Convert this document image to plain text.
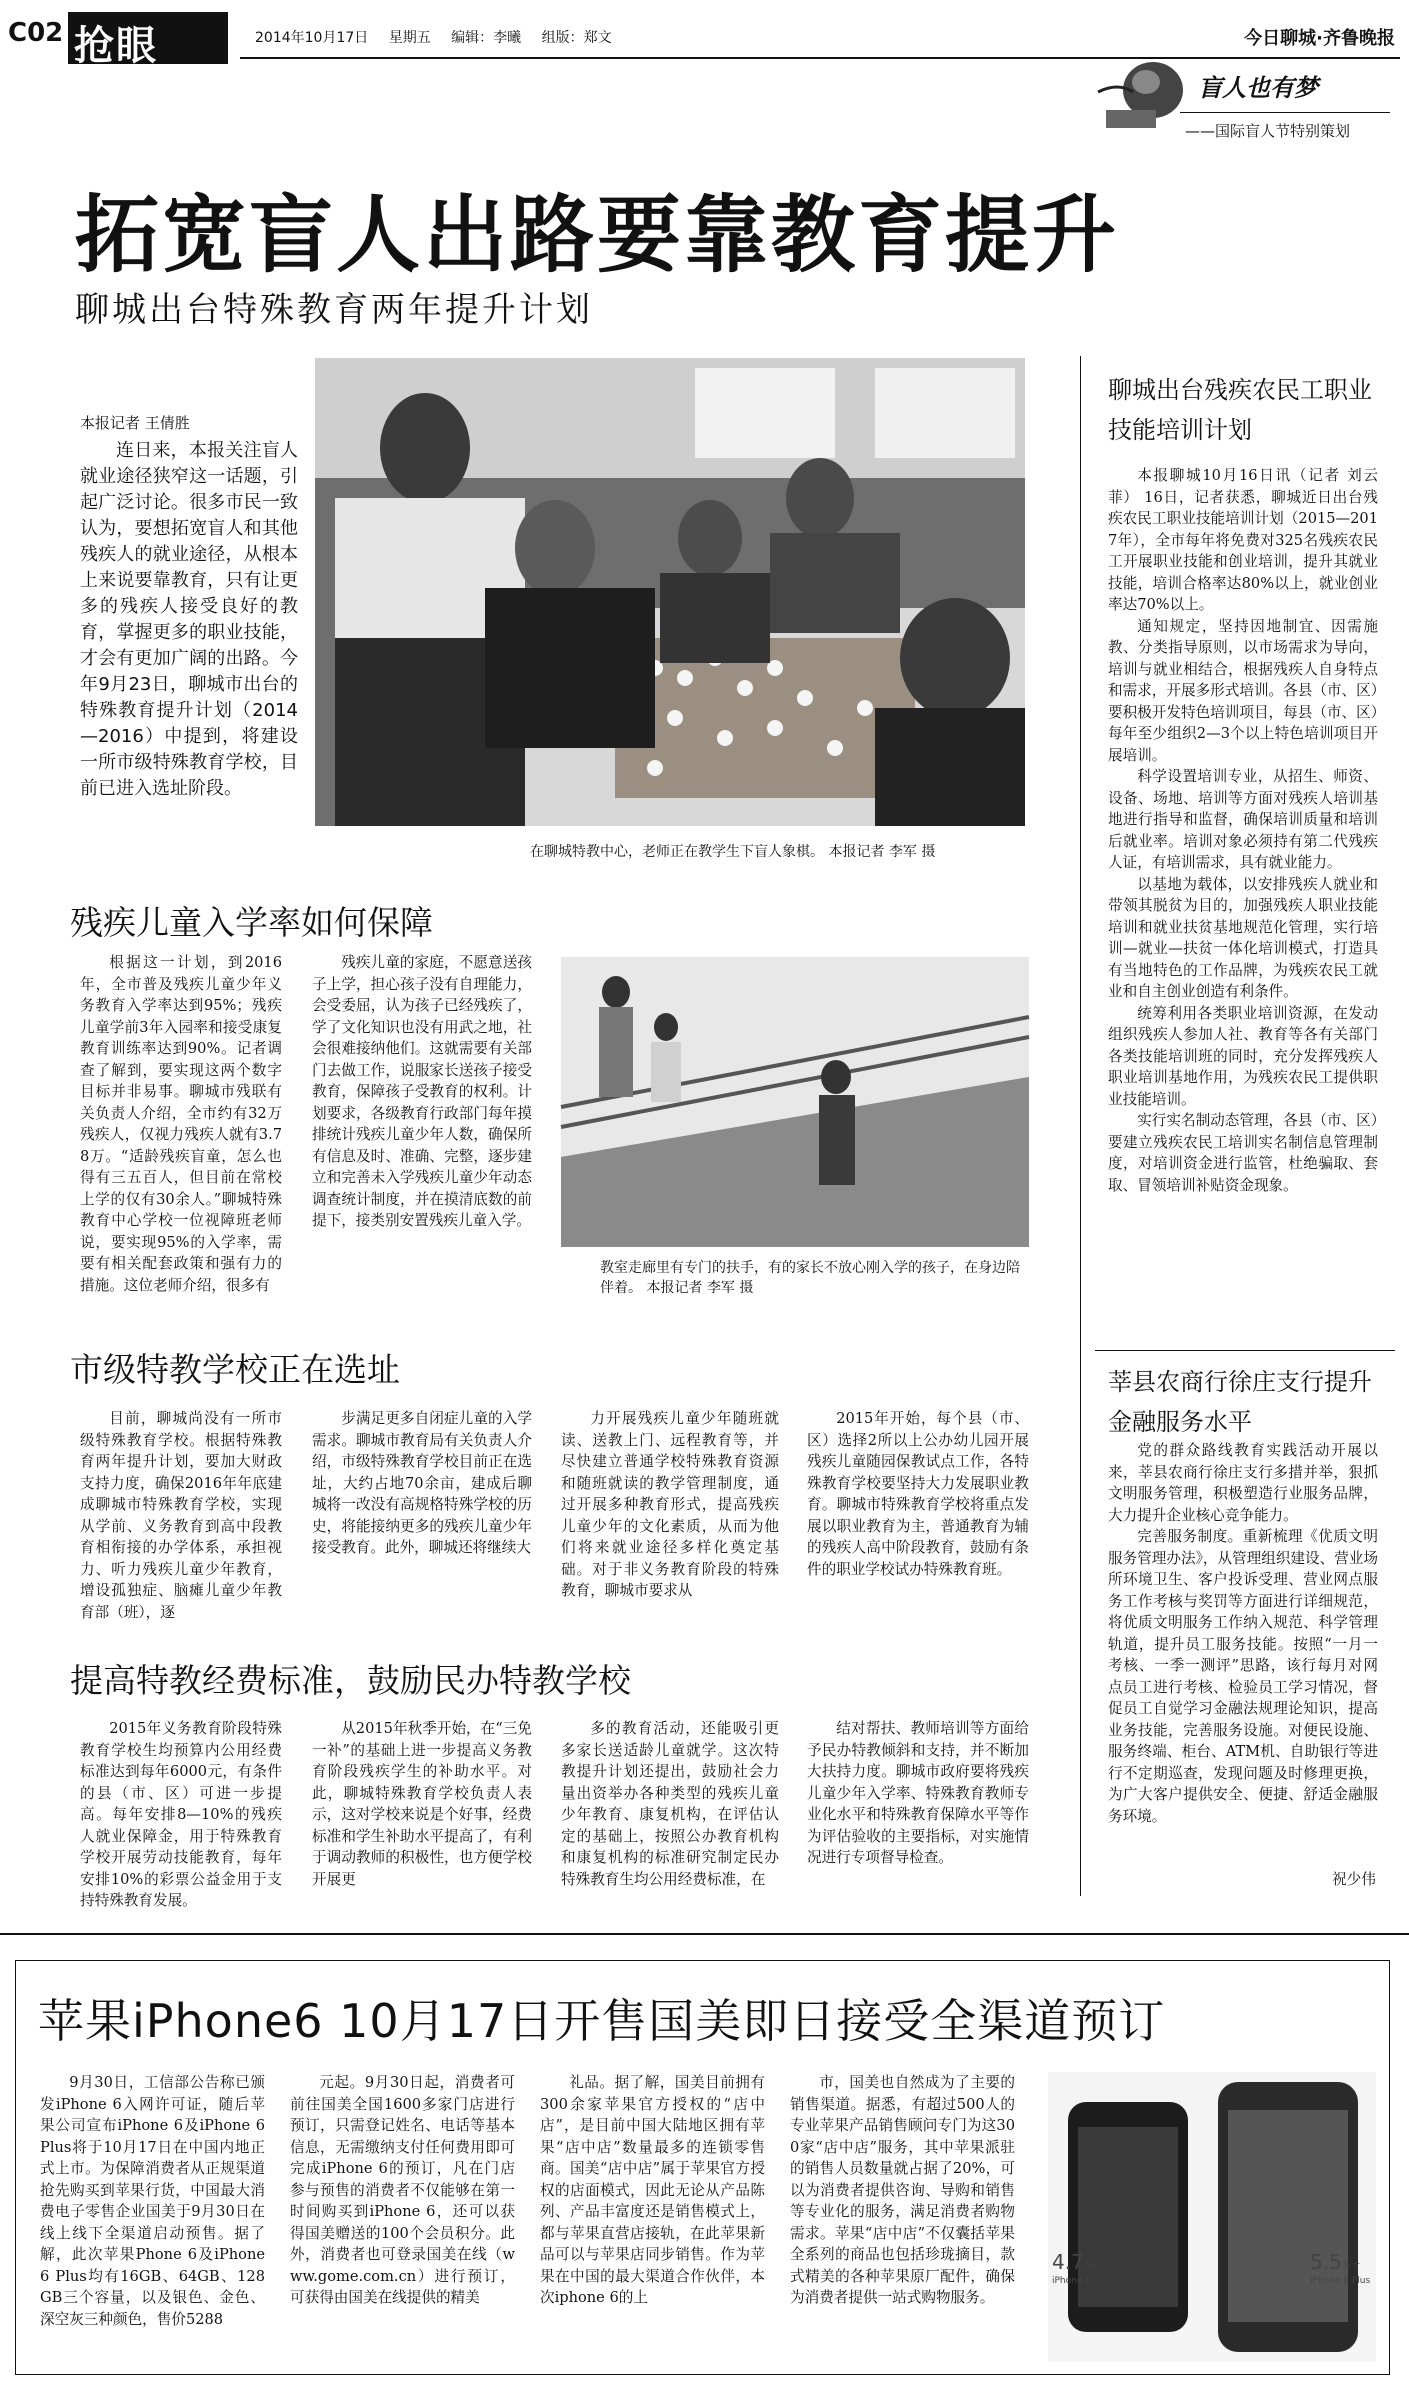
C02 抢眼	2014年10月17日 星期五 编辑：李曦 组版：郑文	今日聊城·齐鲁晚报
盲人也有梦
——国际盲人节特别策划
拓宽盲人出路要靠教育提升
聊城出台特殊教育两年提升计划
在聊城特教中心，老师正在教学生下盲人象棋。 本报记者 李军 摄
本报记者 王倩胜

连日来，本报关注盲人就业途径狭窄这一话题，引起广泛讨论。很多市民一致认为，要想拓宽盲人和其他残疾人的就业途径，从根本上来说要靠教育，只有让更多的残疾人接受良好的教育，掌握更多的职业技能，才会有更加广阔的出路。今年9月23日，聊城市出台的特殊教育提升计划（2014—2016）中提到，将建设一所市级特殊教育学校，目前已进入选址阶段。

残疾儿童入学率如何保障

根据这一计划，到2016年，全市普及残疾儿童少年义务教育入学率达到95%；残疾儿童学前3年入园率和接受康复教育训练率达到90%。记者调查了解到，要实现这两个数字目标并非易事。聊城市残联有关负责人介绍，全市约有32万残疾人，仅视力残疾人就有3.78万。“适龄残疾盲童，怎么也得有三五百人，但目前在常校上学的仅有30余人。”聊城特殊教育中心学校一位视障班老师说，要实现95%的入学率，需要有相关配套政策和强有力的措施。这位老师介绍，很多有

残疾儿童的家庭，不愿意送孩子上学，担心孩子没有自理能力，会受委屈，认为孩子已经残疾了，学了文化知识也没有用武之地，社会很难接纳他们。这就需要有关部门去做工作，说服家长送孩子接受教育，保障孩子受教育的权利。计划要求，各级教育行政部门每年摸排统计残疾儿童少年人数，确保所有信息及时、准确、完整，逐步建立和完善未入学残疾儿童少年动态调查统计制度，并在摸清底数的前提下，接类别安置残疾儿童入学。

教室走廊里有专门的扶手，有的家长不放心刚入学的孩子，在身边陪伴着。 本报记者 李军 摄
市级特教学校正在选址

目前，聊城尚没有一所市级特殊教育学校。根据特殊教育两年提升计划，要加大财政支持力度，确保2016年年底建成聊城市特殊教育学校，实现从学前、义务教育到高中段教育相衔接的办学体系，承担视力、听力残疾儿童少年教育，增设孤独症、脑瘫儿童少年教育部（班），逐

步满足更多自闭症儿童的入学需求。聊城市教育局有关负责人介绍，市级特殊教育学校目前正在选址，大约占地70余亩，建成后聊城将一改没有高规格特殊学校的历史，将能接纳更多的残疾儿童少年接受教育。此外，聊城还将继续大

力开展残疾儿童少年随班就读、送教上门、远程教育等，并尽快建立普通学校特殊教育资源和随班就读的教学管理制度，通过开展多种教育形式，提高残疾儿童少年的文化素质，从而为他们将来就业途径多样化奠定基础。对于非义务教育阶段的特殊教育，聊城市要求从

2015年开始，每个县（市、区）选择2所以上公办幼儿园开展残疾儿童随园保教试点工作，各特殊教育学校要坚持大力发展职业教育。聊城市特殊教育学校将重点发展以职业教育为主，普通教育为辅的残疾人高中阶段教育，鼓励有条件的职业学校试办特殊教育班。

提高特教经费标准，鼓励民办特教学校

2015年义务教育阶段特殊教育学校生均预算内公用经费标准达到每年6000元，有条件的县（市、区）可进一步提高。每年安排8—10%的残疾人就业保障金，用于特殊教育学校开展劳动技能教育，每年安排10%的彩票公益金用于支持特殊教育发展。

从2015年秋季开始，在“三免一补”的基础上进一步提高义务教育阶段残疾学生的补助水平。对此，聊城特殊教育学校负责人表示，这对学校来说是个好事，经费标准和学生补助水平提高了，有利于调动教师的积极性，也方便学校开展更

多的教育活动，还能吸引更多家长送适龄儿童就学。这次特教提升计划还提出，鼓励社会力量出资举办各种类型的残疾儿童少年教育、康复机构，在评估认定的基础上，按照公办教育机构和康复机构的标准研究制定民办特殊教育生均公用经费标准，在

结对帮扶、教师培训等方面给予民办特教倾斜和支持，并不断加大扶持力度。聊城市政府要将残疾儿童少年入学率、特殊教育教师专业化水平和特殊教育保障水平等作为评估验收的主要指标，对实施情况进行专项督导检查。

聊城出台残疾农民工职业技能培训计划

本报聊城10月16日讯（记者 刘云菲） 16日，记者获悉，聊城近日出台残疾农民工职业技能培训计划（2015—2017年），全市每年将免费对325名残疾农民工开展职业技能和创业培训，提升其就业技能，培训合格率达80%以上，就业创业率达70%以上。

通知规定，坚持因地制宜、因需施教、分类指导原则，以市场需求为导向，培训与就业相结合，根据残疾人自身特点和需求，开展多形式培训。各县（市、区）要积极开发特色培训项目，每县（市、区）每年至少组织2—3个以上特色培训项目开展培训。

科学设置培训专业，从招生、师资、设备、场地、培训等方面对残疾人培训基地进行指导和监督，确保培训质量和培训后就业率。培训对象必须持有第二代残疾人证，有培训需求，具有就业能力。

以基地为载体，以安排残疾人就业和带领其脱贫为目的，加强残疾人职业技能培训和就业扶贫基地规范化管理，实行培训—就业—扶贫一体化培训模式，打造具有当地特色的工作品牌，为残疾农民工就业和自主创业创造有利条件。

统筹利用各类职业培训资源，在发动组织残疾人参加人社、教育等各有关部门各类技能培训班的同时，充分发挥残疾人职业培训基地作用，为残疾农民工提供职业技能培训。

实行实名制动态管理，各县（市、区）要建立残疾农民工培训实名制信息管理制度，对培训资金进行监管，杜绝骗取、套取、冒领培训补贴资金现象。

莘县农商行徐庄支行提升金融服务水平

党的群众路线教育实践活动开展以来，莘县农商行徐庄支行多措并举，狠抓文明服务管理，积极塑造行业服务品牌，大力提升企业核心竞争能力。

完善服务制度。重新梳理《优质文明服务管理办法》，从管理组织建设、营业场所环境卫生、客户投诉受理、营业网点服务工作考核与奖罚等方面进行详细规范，将优质文明服务工作纳入规范、科学管理轨道，提升员工服务技能。按照“一月一考核、一季一测评”思路，该行每月对网点员工进行考核、检验员工学习情况，督促员工自觉学习金融法规理论知识，提高业务技能，完善服务设施。对便民设施、服务终端、柜台、ATM机、自助银行等进行不定期巡查，发现问题及时修理更换，为广大客户提供安全、便捷、舒适金融服务环境。

祝少伟
苹果iPhone6 10月17日开售国美即日接受全渠道预订

9月30日，工信部公告称已颁发iPhone 6入网许可证，随后苹果公司宣布iPhone 6及iPhone 6 Plus将于10月17日在中国内地正式上市。为保障消费者从正规渠道抢先购买到苹果行货，中国最大消费电子零售企业国美于9月30日在线上线下全渠道启动预售。据了解，此次苹果Phone 6及iPhone 6 Plus均有16GB、64GB、128GB三个容量，以及银色、金色、深空灰三种颜色，售价5288

元起。9月30日起，消费者可前往国美全国1600多家门店进行预订，只需登记姓名、电话等基本信息，无需缴纳支付任何费用即可完成iPhone 6的预订，凡在门店参与预售的消费者不仅能够在第一时间购买到iPhone 6，还可以获得国美赠送的100个会员积分。此外，消费者也可登录国美在线（www.gome.com.cn）进行预订，可获得由国美在线提供的精美

礼品。据了解，国美目前拥有300余家苹果官方授权的“店中店”，是目前中国大陆地区拥有苹果“店中店”数量最多的连锁零售商。国美“店中店”属于苹果官方授权的店面模式，因此无论从产品陈列、产品丰富度还是销售模式上，都与苹果直营店接轨，在此苹果新品可以与苹果店同步销售。作为苹果在中国的最大渠道合作伙伴，本次iphone 6的上

市，国美也自然成为了主要的销售渠道。据悉，有超过500人的专业苹果产品销售顾问专门为这300家“店中店”服务，其中苹果派驻的销售人员数量就占据了20%，可以为消费者提供咨询、导购和销售等专业化的服务，满足消费者购物需求。苹果“店中店”不仅囊括苹果全系列的商品也包括珍珑摘目，款式精美的各种苹果原厂配件，确保为消费者提供一站式购物服务。

4.7英寸
iPhone 6
5.5英寸
iPhone 6 Plus
